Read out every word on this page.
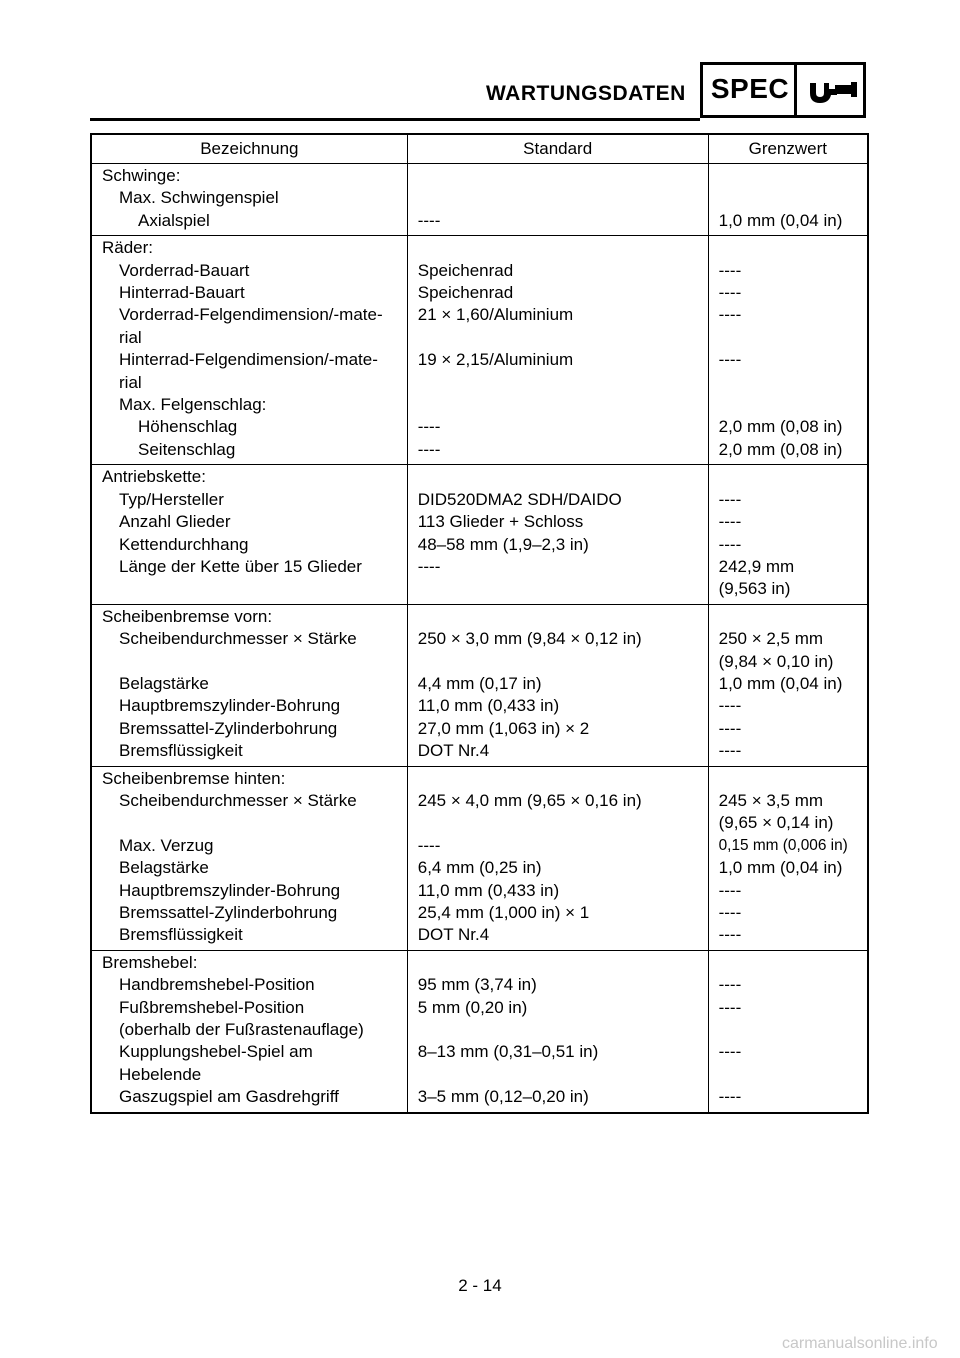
WARTUNGSDATEN SPEC
Bezeichnung	Standard	Grenzwert

Schwinge:		

Max. Schwingenspiel		

Axialspiel	----	1,0 mm (0,04 in)

Räder:		

Vorderrad-Bauart	Speichenrad	----

Hinterrad-Bauart	Speichenrad	----

Vorderrad-Felgendimension/-mate-
rial	21 × 1,60/Aluminium	----

Hinterrad-Felgendimension/-mate-
rial	19 × 2,15/Aluminium	----

Max. Felgenschlag:		

Höhenschlag	----	2,0 mm (0,08 in)

Seitenschlag	----	2,0 mm (0,08 in)

Antriebskette:		

Typ/Hersteller	DID520DMA2 SDH/DAIDO	----

Anzahl Glieder	113 Glieder + Schloss	----

Kettendurchhang	48–58 mm (1,9–2,3 in)	----

Länge der Kette über 15 Glieder	----	242,9 mm
(9,563 in)

Scheibenbremse vorn:		

Scheibendurchmesser × Stärke	250 × 3,0 mm (9,84 × 0,12 in)	250 × 2,5 mm
(9,84 × 0,10 in)

Belagstärke	4,4 mm (0,17 in)	1,0 mm (0,04 in)

Hauptbremszylinder-Bohrung	11,0 mm (0,433 in)	----

Bremssattel-Zylinderbohrung	27,0 mm (1,063 in) × 2	----

Bremsflüssigkeit	DOT Nr.4	----

Scheibenbremse hinten:		

Scheibendurchmesser × Stärke	245 × 4,0 mm (9,65 × 0,16 in)	245 × 3,5 mm
(9,65 × 0,14 in)

Max. Verzug	----	0,15 mm (0,006 in)

Belagstärke	6,4 mm (0,25 in)	1,0 mm (0,04 in)

Hauptbremszylinder-Bohrung	11,0 mm (0,433 in)	----

Bremssattel-Zylinderbohrung	25,4 mm (1,000 in) × 1	----

Bremsflüssigkeit	DOT Nr.4	----

Bremshebel:		

Handbremshebel-Position	95 mm (3,74 in)	----

Fußbremshebel-Position
(oberhalb der Fußrastenauflage)	5 mm (0,20 in)	----

Kupplungshebel-Spiel am
Hebelende	8–13 mm (0,31–0,51 in)	----

Gaszugspiel am Gasdrehgriff	3–5 mm (0,12–0,20 in)	----
2 - 14
carmanualsonline.info
